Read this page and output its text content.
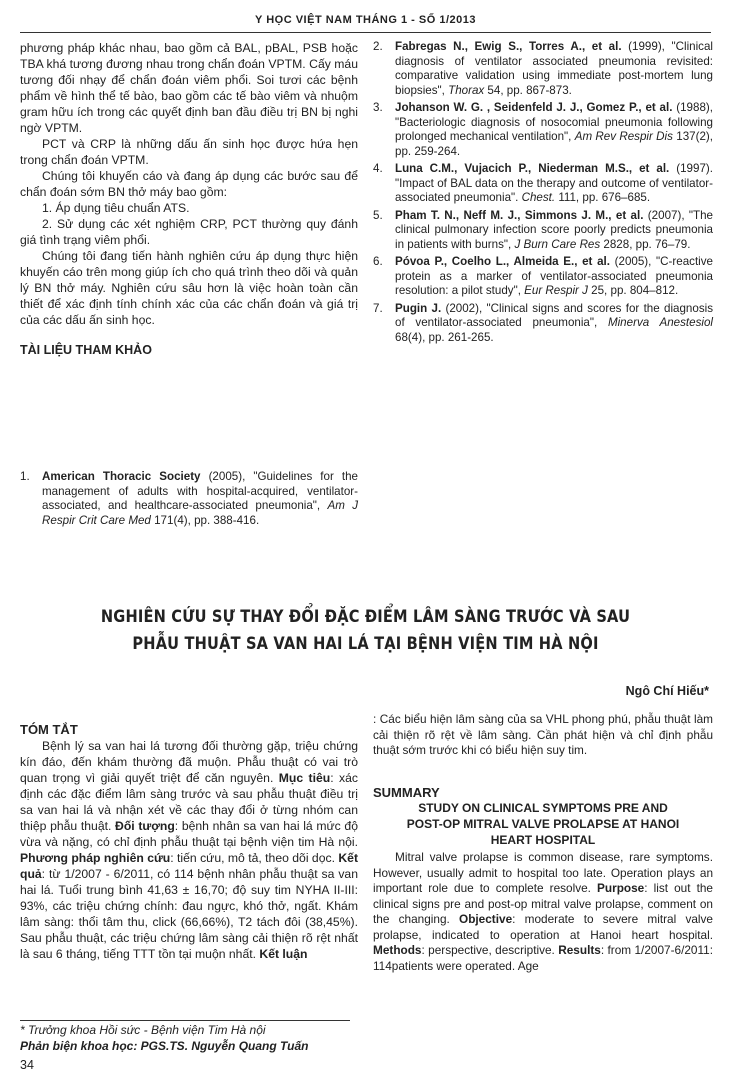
Y HỌC VIỆT NAM THÁNG 1 - SỐ 1/2013

phương pháp khác nhau, bao gồm cả BAL, pBAL, PSB hoặc TBA khá tương đương nhau trong chẩn đoán VPTM. Cấy máu tương đối nhạy để chẩn đoán viêm phổi. Soi tươi các bệnh phẩm về hình thể tế bào, bao gồm các tế bào viêm và nhuộm gram hữu ích trong các quyết định ban đầu điều trị BN bị nghi ngờ VPTM.

PCT và CRP là những dấu ấn sinh học được hứa hẹn trong chẩn đoán VPTM.

Chúng tôi khuyến cáo và đang áp dụng các bước sau để chẩn đoán sớm BN thở máy bao gồm:

1. Áp dụng tiêu chuẩn ATS.

2. Sử dụng các xét nghiệm CRP, PCT thường quy đánh giá tình trạng viêm phổi.

Chúng tôi đang tiến hành nghiên cứu áp dụng thực hiện khuyến cáo trên mong giúp ích cho quá trình theo dõi và quản lý BN thở máy. Nghiên cứu sâu hơn là việc hoàn toàn cần thiết để xác định tính chính xác của các chẩn đoán và giá trị của các dấu ấn sinh học.

TÀI LIỆU THAM KHẢO

1.	American Thoracic Society (2005), "Guidelines for the management of adults with hospital-acquired, ventilator-associated, and healthcare-associated pneumonia", Am J Respir Crit Care Med 171(4), pp. 388-416.
2.	Fabregas N., Ewig S., Torres A., et al. (1999), "Clinical diagnosis of ventilator associated pneumonia revisited: comparative validation using immediate post-mortem lung biopsies", Thorax 54, pp. 867-873.
3.	Johanson W. G. , Seidenfeld J. J., Gomez P., et al. (1988), "Bacteriologic diagnosis of nosocomial pneumonia following prolonged mechanical ventilation", Am Rev Respir Dis 137(2), pp. 259-264.
4.	Luna C.M., Vujacich P., Niederman M.S., et al. (1997). "Impact of BAL data on the therapy and outcome of ventilator-associated pneumonia". Chest. 111, pp. 676–685.
5.	Pham T. N., Neff M. J., Simmons J. M., et al. (2007), "The clinical pulmonary infection score poorly predicts pneumonia in patients with burns", J Burn Care Res 2828, pp. 76–79.
6.	Póvoa P., Coelho L., Almeida E., et al. (2005), "C-reactive protein as a marker of ventilator-associated pneumonia resolution: a pilot study", Eur Respir J 25, pp. 804–812.
7.	Pugin J. (2002), "Clinical signs and scores for the diagnosis of ventilator-associated pneumonia", Minerva Anestesiol 68(4), pp. 261-265.
NGHIÊN CỨU SỰ THAY ĐỔI ĐẶC ĐIỂM LÂM SÀNG TRƯỚC VÀ SAU
PHẪU THUẬT SA VAN HAI LÁ TẠI BỆNH VIỆN TIM HÀ NỘI
Ngô Chí Hiếu*

TÓM TẮT

Bệnh lý sa van hai lá tương đối thường gặp, triệu chứng kín đáo, đến khám thường đã muộn. Phẫu thuật có vai trò quan trọng vì giải quyết triệt để căn nguyên. Mục tiêu: xác định các đặc điểm lâm sàng trước và sau phẫu thuật điều trị sa van hai lá và nhận xét về các thay đổi ở từng nhóm can thiệp phẫu thuật. Đối tượng: bệnh nhân sa van hai lá mức độ vừa và nặng, có chỉ định phẫu thuật tại bệnh viện tim Hà nội. Phương pháp nghiên cứu: tiến cứu, mô tả, theo dõi dọc. Kết quả: từ 1/2007 - 6/2011, có 114 bệnh nhân phẫu thuật sa van hai lá. Tuổi trung bình 41,63 ± 16,70; độ suy tim NYHA II-III: 93%, các triệu chứng chính: đau ngực, khó thở, ngất. Khám lâm sàng: thổi tâm thu, click (66,66%), T2 tách đôi (38,45%). Sau phẫu thuật, các triệu chứng lâm sàng cải thiện rõ rệt nhất là sau 6 tháng, tiếng TTT tồn tại muộn nhất. Kết luận

: Các biểu hiện lâm sàng của sa VHL phong phú, phẫu thuật làm cải thiện rõ rệt về lâm sàng. Cần phát hiện và chỉ định phẫu thuật sớm trước khi có biểu hiện suy tim.

SUMMARY

STUDY ON CLINICAL SYMPTOMS PRE AND
POST-OP MITRAL VALVE PROLAPSE AT HANOI
HEART HOSPITAL

Mitral valve prolapse is common disease, rare symptoms. However, usually admit to hospital too late. Operation plays an important role due to complete resolve. Purpose: list out the clinical signs pre and post-op mitral valve prolapse, comment on the changing. Objective: moderate to severe mitral valve prolapse, indicated to operation at Hanoi heart hospital. Methods: perspective, descriptive. Results: from 1/2007-6/2011: 114patients were operated. Age

* Trưởng khoa Hồi sức - Bệnh viện Tim Hà nội
Phản biện khoa học: PGS.TS. Nguyễn Quang Tuấn
34
